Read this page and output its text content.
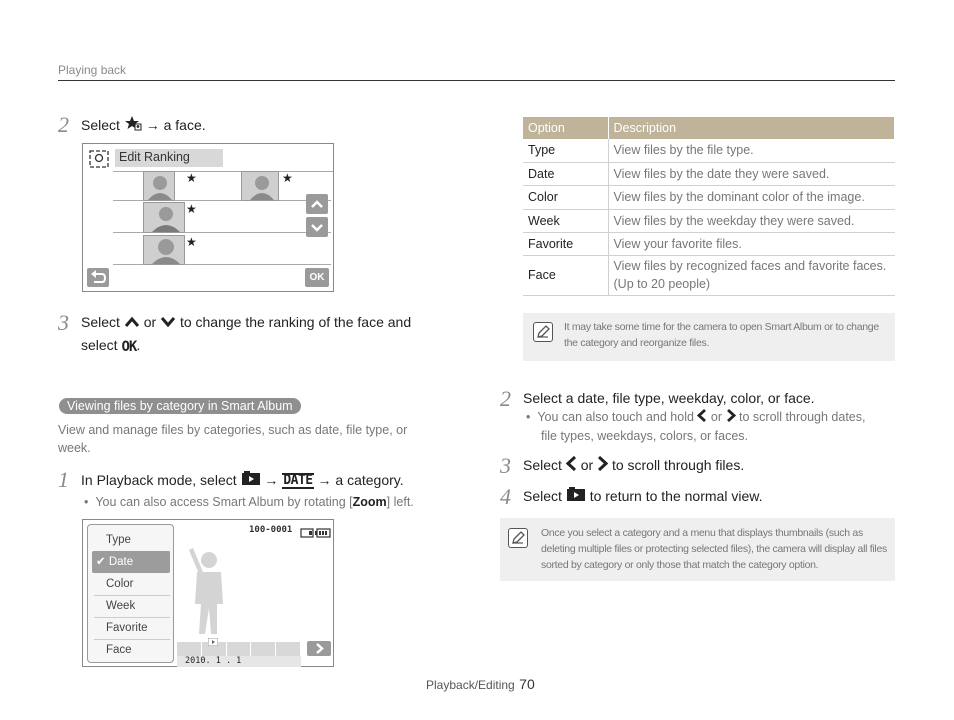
Playing back
2 Select → a face.
Edit Ranking
★	★
★
★
OK
3 Select or to change the ranking of the face and
select OK.
Viewing files by category in Smart Album
View and manage files by categories, such as date, file type, or week.
1 In Playback mode, select → DATE → a category.
•  You can also access Smart Album by rotating [Zoom] left.
100-0001
Type
✔ Date
Color
Week
Favorite
Face
2010. 1 . 1
Option	Description
Type	View files by the file type.
Date	View files by the date they were saved.
Color	View files by the dominant color of the image.
Week	View files by the weekday they were saved.
Favorite	View your favorite files.
Face	View files by recognized faces and favorite faces. (Up to 20 people)
It may take some time for the camera to open Smart Album or to change
the category and reorganize files.
2 Select a date, file type, weekday, color, or face.
•  You can also touch and hold or to scroll through dates,
file types, weekdays, colors, or faces.
3 Select or to scroll through files.
4 Select to return to the normal view.
Once you select a category and a menu that displays thumbnails (such as
deleting multiple files or protecting selected files), the camera will display all files
sorted by category or only those that match the category option.
Playback/Editing 70
